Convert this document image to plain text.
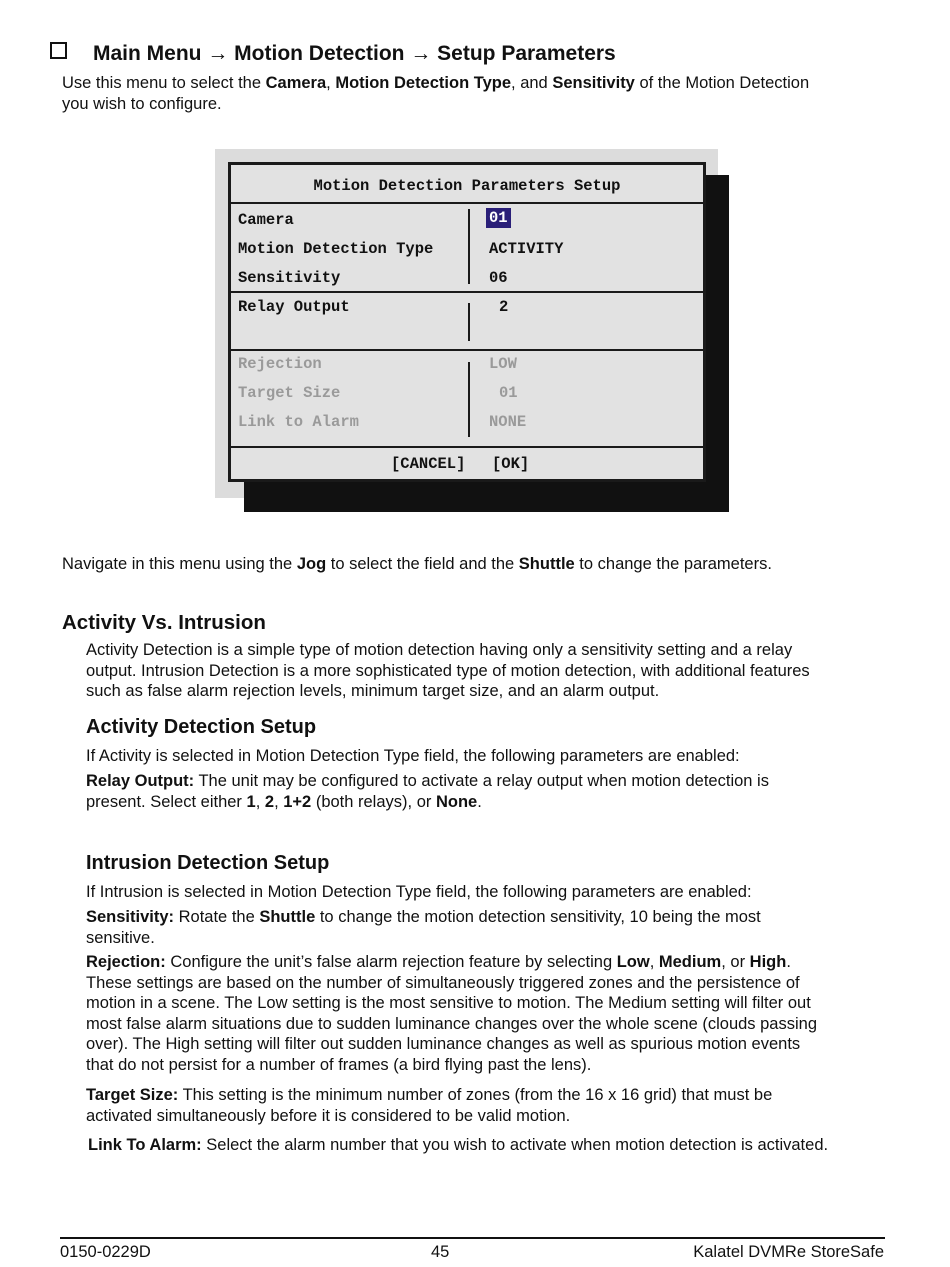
Main Menu → Motion Detection → Setup Parameters
Use this menu to select the Camera, Motion Detection Type, and Sensitivity of the Motion Detection
you wish to configure.
Motion Detection Parameters Setup
Camera	01
Motion Detection Type	ACTIVITY
Sensitivity	06
Relay Output	2
Rejection	LOW
Target Size	01
Link to Alarm	NONE
[CANCEL] [OK]
Navigate in this menu using the Jog to select the field and the Shuttle to change the parameters.
Activity Vs. Intrusion
Activity Detection is a simple type of motion detection having only a sensitivity setting and a relay
output. Intrusion Detection is a more sophisticated type of motion detection, with additional features
such as false alarm rejection levels, minimum target size, and an alarm output.
Activity Detection Setup
If Activity is selected in Motion Detection Type field, the following parameters are enabled:
Relay Output: The unit may be configured to activate a relay output when motion detection is
present. Select either 1, 2, 1+2 (both relays), or None.
Intrusion Detection Setup
If Intrusion is selected in Motion Detection Type field, the following parameters are enabled:
Sensitivity: Rotate the Shuttle to change the motion detection sensitivity, 10 being the most
sensitive.
Rejection: Configure the unit’s false alarm rejection feature by selecting Low, Medium, or High.
These settings are based on the number of simultaneously triggered zones and the persistence of
motion in a scene. The Low setting is the most sensitive to motion. The Medium setting will filter out
most false alarm situations due to sudden luminance changes over the whole scene (clouds passing
over). The High setting will filter out sudden luminance changes as well as spurious motion events
that do not persist for a number of frames (a bird flying past the lens).
Target Size: This setting is the minimum number of zones (from the 16 x 16 grid) that must be
activated simultaneously before it is considered to be valid motion.
Link To Alarm: Select the alarm number that you wish to activate when motion detection is activated.
0150-0229D	45	Kalatel DVMRe StoreSafe
